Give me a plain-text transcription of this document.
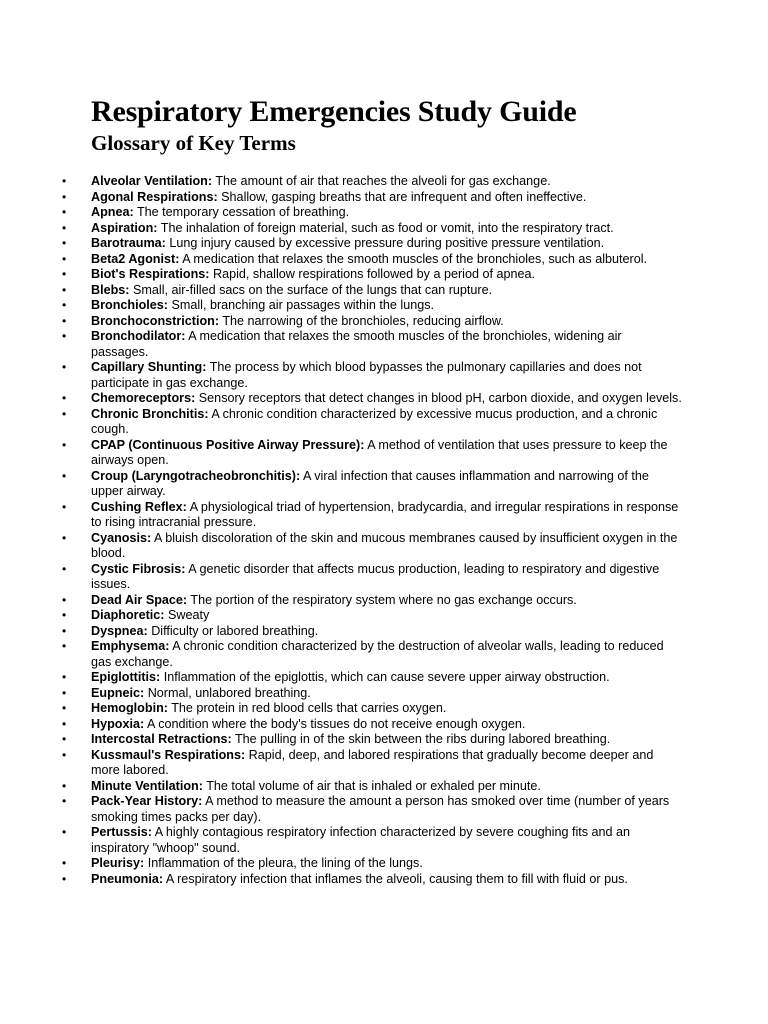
Respiratory Emergencies Study Guide
Glossary of Key Terms
•	Alveolar Ventilation: The amount of air that reaches the alveoli for gas exchange.
•	Agonal Respirations: Shallow, gasping breaths that are infrequent and often ineffective.
•	Apnea: The temporary cessation of breathing.
•	Aspiration: The inhalation of foreign material, such as food or vomit, into the respiratory tract.
•	Barotrauma: Lung injury caused by excessive pressure during positive pressure ventilation.
•	Beta2 Agonist: A medication that relaxes the smooth muscles of the bronchioles, such as albuterol.
•	Biot's Respirations: Rapid, shallow respirations followed by a period of apnea.
•	Blebs: Small, air-filled sacs on the surface of the lungs that can rupture.
•	Bronchioles: Small, branching air passages within the lungs.
•	Bronchoconstriction: The narrowing of the bronchioles, reducing airflow.
•	Bronchodilator: A medication that relaxes the smooth muscles of the bronchioles, widening air passages.
•	Capillary Shunting: The process by which blood bypasses the pulmonary capillaries and does not participate in gas exchange.
•	Chemoreceptors: Sensory receptors that detect changes in blood pH, carbon dioxide, and oxygen levels.
•	Chronic Bronchitis: A chronic condition characterized by excessive mucus production, and a chronic cough.
•	CPAP (Continuous Positive Airway Pressure): A method of ventilation that uses pressure to keep the airways open.
•	Croup (Laryngotracheobronchitis): A viral infection that causes inflammation and narrowing of the upper airway.
•	Cushing Reflex: A physiological triad of hypertension, bradycardia, and irregular respirations in response to rising intracranial pressure.
•	Cyanosis: A bluish discoloration of the skin and mucous membranes caused by insufficient oxygen in the blood.
•	Cystic Fibrosis: A genetic disorder that affects mucus production, leading to respiratory and digestive issues.
•	Dead Air Space: The portion of the respiratory system where no gas exchange occurs.
•	Diaphoretic: Sweaty
•	Dyspnea: Difficulty or labored breathing.
•	Emphysema: A chronic condition characterized by the destruction of alveolar walls, leading to reduced gas exchange.
•	Epiglottitis: Inflammation of the epiglottis, which can cause severe upper airway obstruction.
•	Eupneic: Normal, unlabored breathing.
•	Hemoglobin: The protein in red blood cells that carries oxygen.
•	Hypoxia: A condition where the body's tissues do not receive enough oxygen.
•	Intercostal Retractions: The pulling in of the skin between the ribs during labored breathing.
•	Kussmaul's Respirations: Rapid, deep, and labored respirations that gradually become deeper and more labored.
•	Minute Ventilation: The total volume of air that is inhaled or exhaled per minute.
•	Pack-Year History: A method to measure the amount a person has smoked over time (number of years smoking times packs per day).
•	Pertussis: A highly contagious respiratory infection characterized by severe coughing fits and an inspiratory "whoop" sound.
•	Pleurisy: Inflammation of the pleura, the lining of the lungs.
•	Pneumonia: A respiratory infection that inflames the alveoli, causing them to fill with fluid or pus.
